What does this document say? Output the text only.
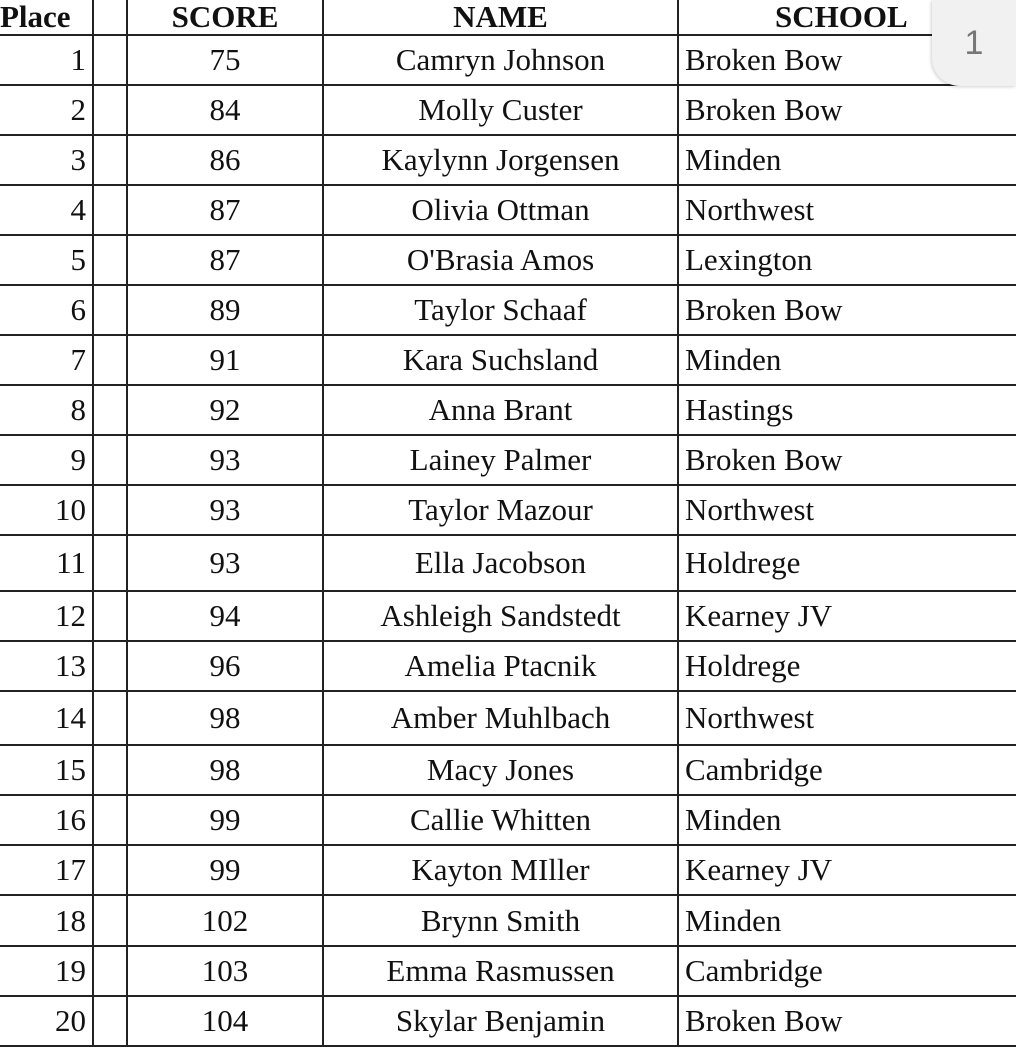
Place		SCORE	NAME	SCHOOL
1		75	Camryn Johnson	Broken Bow
2		84	Molly Custer	Broken Bow
3		86	Kaylynn Jorgensen	Minden
4		87	Olivia Ottman	Northwest
5		87	O'Brasia Amos	Lexington
6		89	Taylor Schaaf	Broken Bow
7		91	Kara Suchsland	Minden
8		92	Anna Brant	Hastings
9		93	Lainey Palmer	Broken Bow
10		93	Taylor Mazour	Northwest
11		93	Ella Jacobson	Holdrege
12		94	Ashleigh Sandstedt	Kearney JV
13		96	Amelia Ptacnik	Holdrege
14		98	Amber Muhlbach	Northwest
15		98	Macy Jones	Cambridge
16		99	Callie Whitten	Minden
17		99	Kayton MIller	Kearney JV
18		102	Brynn Smith	Minden
19		103	Emma Rasmussen	Cambridge
20		104	Skylar Benjamin	Broken Bow
1
